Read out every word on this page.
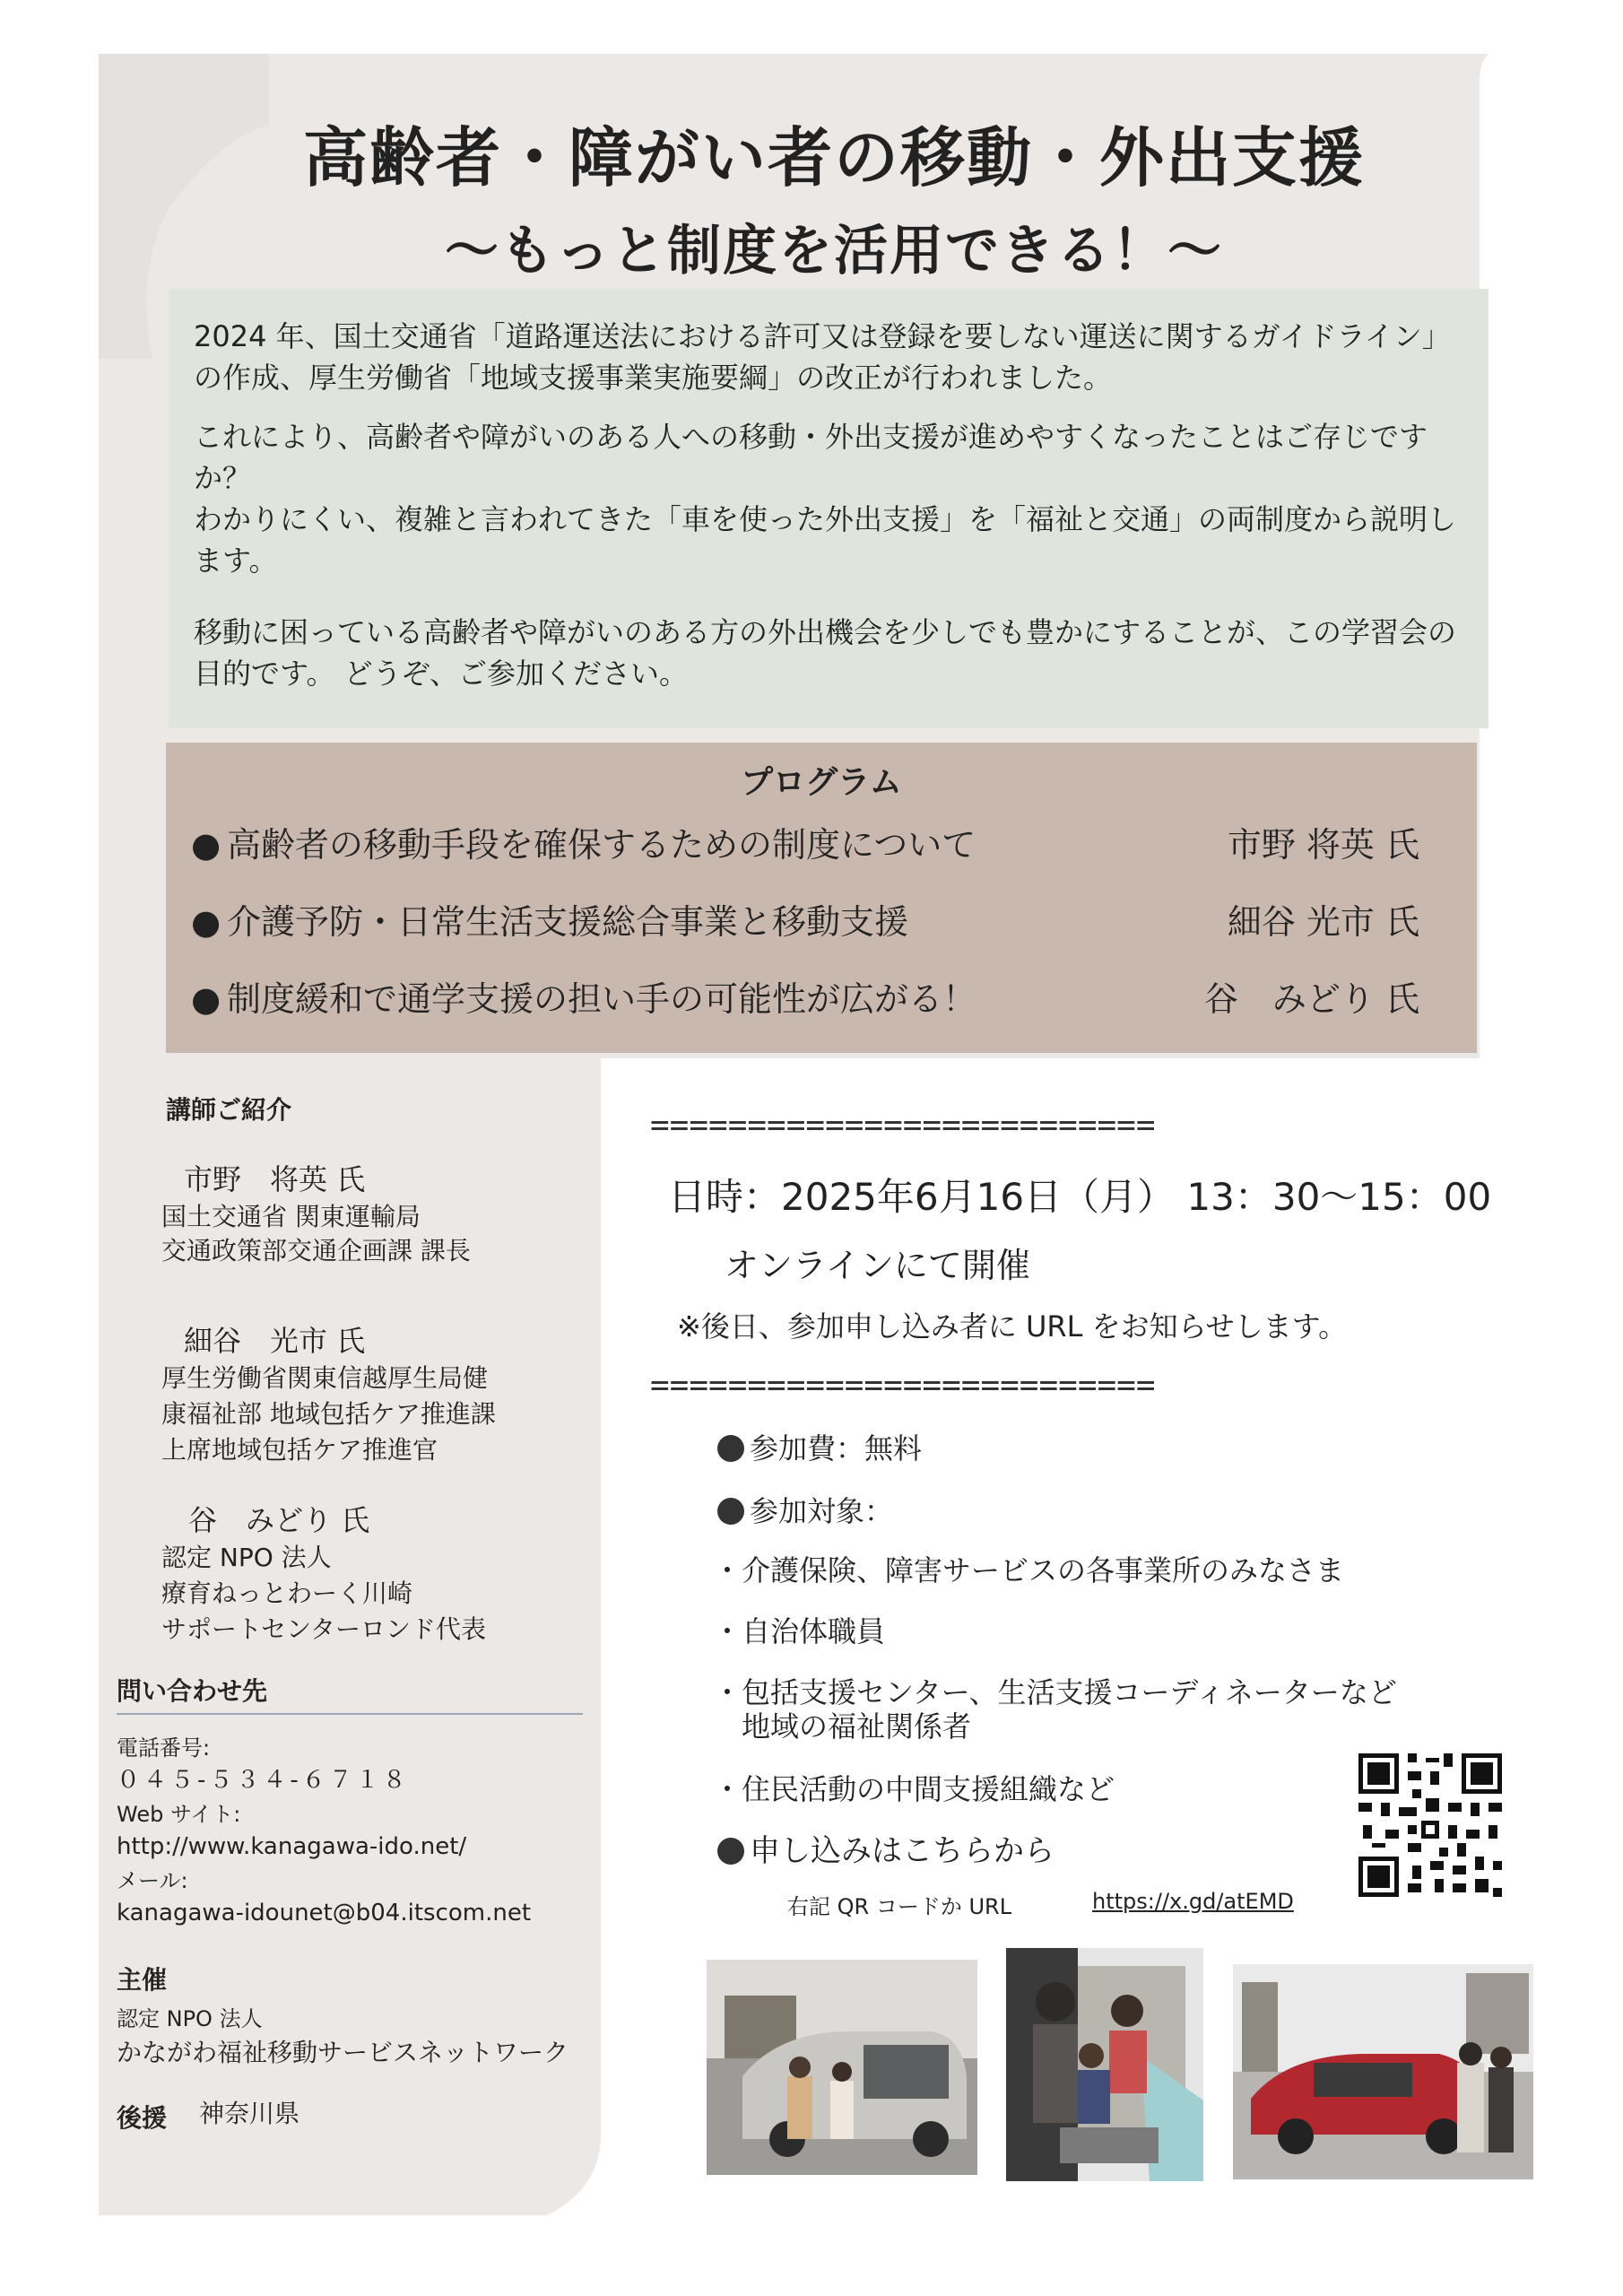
高齢者・障がい者の移動・外出支援
～もっと制度を活用できる！～

2024 年、国土交通省「道路運送法における許可又は登録を要しない運送に関するガイドライン」の作成、厚生労働省「地域支援事業実施要綱」の改正が行われました。

これにより、高齢者や障がいのある人への移動・外出支援が進めやすくなったことはご存じですか？

わかりにくい、複雑と言われてきた「車を使った外出支援」を「福祉と交通」の両制度から説明します。

移動に困っている高齢者や障がいのある方の外出機会を少しでも豊かにすることが、この学習会の目的です。 どうぞ、ご参加ください。

プログラム
● 高齢者の移動手段を確保するための制度について	市野 将英 氏
● 介護予防・日常生活支援総合事業と移動支援	細谷 光市 氏
● 制度緩和で通学支援の担い手の可能性が広がる！	谷　みどり 氏
講師ご紹介
市野　将英 氏
国土交通省 関東運輸局
交通政策部交通企画課 課長
細谷　光市 氏
厚生労働省関東信越厚生局健
康福祉部 地域包括ケア推進課
上席地域包括ケア推進官
谷　みどり 氏
認定 NPO 法人
療育ねっとわーく川崎
サポートセンターロンド代表
問い合わせ先
電話番号:
０４５-５３４-６７１８
Web サイト:
http://www.kanagawa-ido.net/
メール:
kanagawa-idounet@b04.itscom.net
主催
認定 NPO 法人
かながわ福祉移動サービスネットワーク
後援 神奈川県
==========================
日時：2025年6月16日（月） 13：30～15：00
オンラインにて開催
※後日、参加申し込み者に URL をお知らせします。
==========================
参加費：無料
参加対象：
・介護保険、障害サービスの各事業所のみなさま
・自治体職員
・包括支援センター、生活支援コーディネーターなど
　地域の福祉関係者
・住民活動の中間支援組織など
申し込みはこちらから
右記 QR コードか URL	https://x.gd/atEMD
